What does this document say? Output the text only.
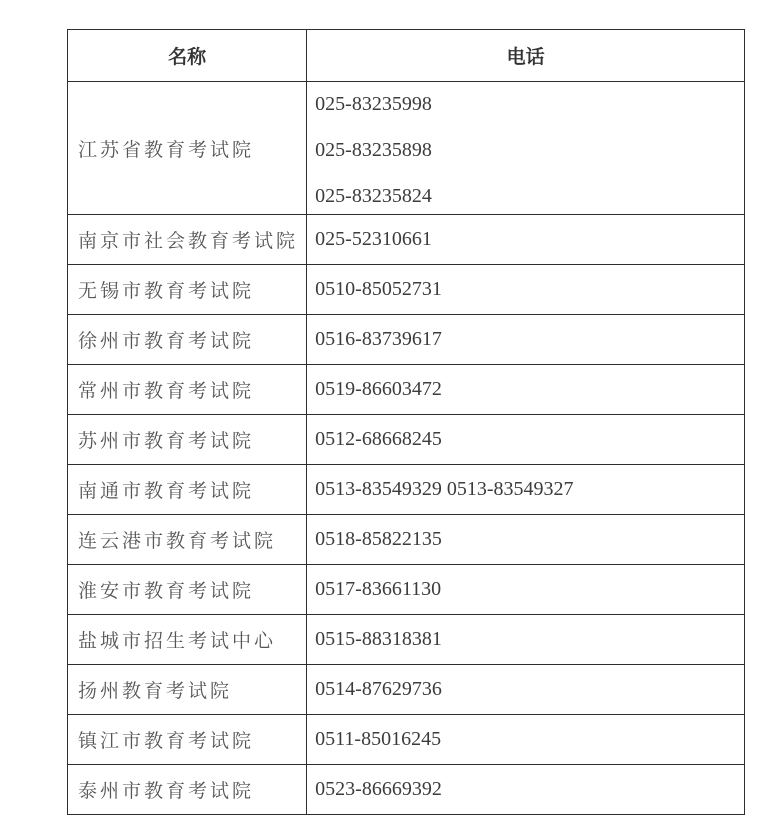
名称	电话
江苏省教育考试院	025-83235998
025-83235898
025-83235824

南京市社会教育考试院	025-52310661
无锡市教育考试院	0510-85052731
徐州市教育考试院	0516-83739617
常州市教育考试院	0519-86603472
苏州市教育考试院	0512-68668245
南通市教育考试院	0513-83549329 0513-83549327
连云港市教育考试院	0518-85822135
淮安市教育考试院	0517-83661130
盐城市招生考试中心	0515-88318381
扬州教育考试院	0514-87629736
镇江市教育考试院	0511-85016245
泰州市教育考试院	0523-86669392
